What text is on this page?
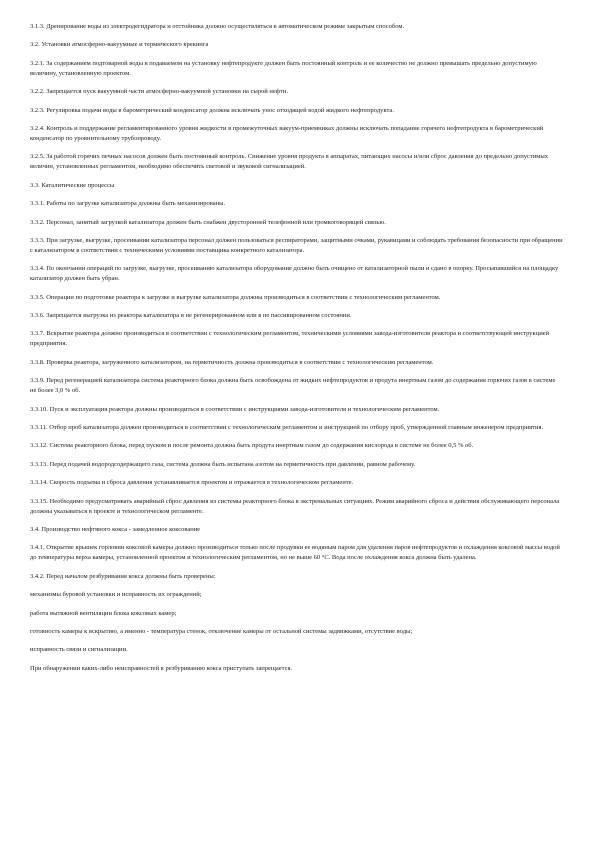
3.1.3. Дренирование воды из электродегидратора и отстойника должно осуществляться в автоматическом режиме закрытым способом.

3.2. Установки атмосферно-вакуумные и термического крекинга

3.2.1. За содержанием подтоварной воды в подаваемом на установку нефтепродукте должен быть постоянный контроль и ее количество не должно превышать предельно допустимую величину, установленную проектом.

3.2.2. Запрещается пуск вакуумной части атмосферно-вакуумной установки на сырой нефти.

3.2.3. Регулировка подачи воды в барометрический конденсатор должна исключать унос отходящей водой жидкого нефтепродукта.

3.2.4. Контроль и поддержание регламентированного уровня жидкости в промежуточных вакуум-приемниках должны исключать попадание горячего нефтепродукта в барометрический конденсатор по уровнительному трубопроводу.

3.2.5. За работой горячих печных насосов должен быть постоянный контроль. Снижение уровня продукта в аппаратах, питающих насосы и/или сброс давления до предельно допустимых величин, установленных регламентом, необходимо обеспечить световой и звуковой сигнализацией.

3.3. Каталитические процессы

3.3.1. Работы по загрузке катализатора должны быть механизированы.

3.3.2. Персонал, занятый загрузкой катализатора должен быть снабжен двусторонней телефонной или громкоговорящей связью.

3.3.3. При загрузке, выгрузке, просеивании катализатора персонал должен пользоваться респираторами, защитными очками, рукавицами и соблюдать требования безопасности при обращении с катализатором в соответствии с техническими условиями поставщика конкретного катализатора.

3.3.4. По окончании операций по загрузке, выгрузке, просеиванию катализатора оборудование должно быть очищено от катализаторной пыли и сдано в опорку. Просыпавшийся на площадку катализатор должен быть убран.

3.3.5. Операции по подготовке реактора к загрузке и выгрузке катализатора должны производиться в соответствии с технологическим регламентом.

3.3.6. Запрещается выгрузка из реактора катализатора в не регенерированном или в не пассивированном состоянии.

3.3.7. Вскрытие реактора должно производиться в соответствии с технологическим регламентом, техническими условиями завода-изготовителя реактора и соответствующей инструкцией предприятия.

3.3.8. Проверка реактора, загруженного катализатором, на герметичность должна производиться в соответствии с технологическим регламентом.

3.3.9. Перед регенерацией катализатора система реакторного блока должна быть освобождена от жидких нефтепродуктов и продута инертным газом до содержания горючих газов в системе не более 3,0 % об.

3.3.10. Пуск и эксплуатация реактора должны производиться в соответствии с инструкциями завода-изготовителя и технологическим регламентом.

3.3.11. Отбор проб катализатора должен производиться в соответствии с технологическим регламентом и инструкцией по отбору проб, утвержденной главным инженером предприятия.

3.3.12. Система реакторного блока, перед пуском и после ремонта должна быть продута инертным газом до содержания кислорода в системе не более 0,5 % об.

3.3.13. Перед подачей водородсодержащего газа, система должна быть испытана азотом на герметичность при давлении, равном рабочему.

3.3.14. Скорость подъема и сброса давления устанавливается проектом и отражается в технологическом регламенте.

3.3.15. Необходимо предусматривать аварийный сброс давления из системы реакторного блока в экстремальных ситуациях. Режим аварийного сброса и действия обслуживающего персонала должны указываться в проекте и технологическом регламенте.

3.4. Производство нефтяного кокса - замедленное коксование

3.4.1. Открытие крышек горловин коксовой камеры должно производиться только после продувки ее водяным паром для удаления паров нефтепродуктов и охлаждения коксовой массы водой до температуры верха камеры, установленной проектом и технологическим регламентом, но не выше 60 °С. Вода после охлаждения кокса должна быть удалена.

3.4.2. Перед началом резбуривания кокса должны быть проверены:

механизмы буровой установки и исправность их ограждений;

работа вытяжной вентиляции блока коксовых камер;

готовность камеры к вскрытию, а именно - температура стенок, отключение камеры от остальной системы задвижками, отсутствие воды;

исправность связи и сигнализации.

При обнаружении каких-либо неисправностей к резбуриванию кокса приступать запрещается.
